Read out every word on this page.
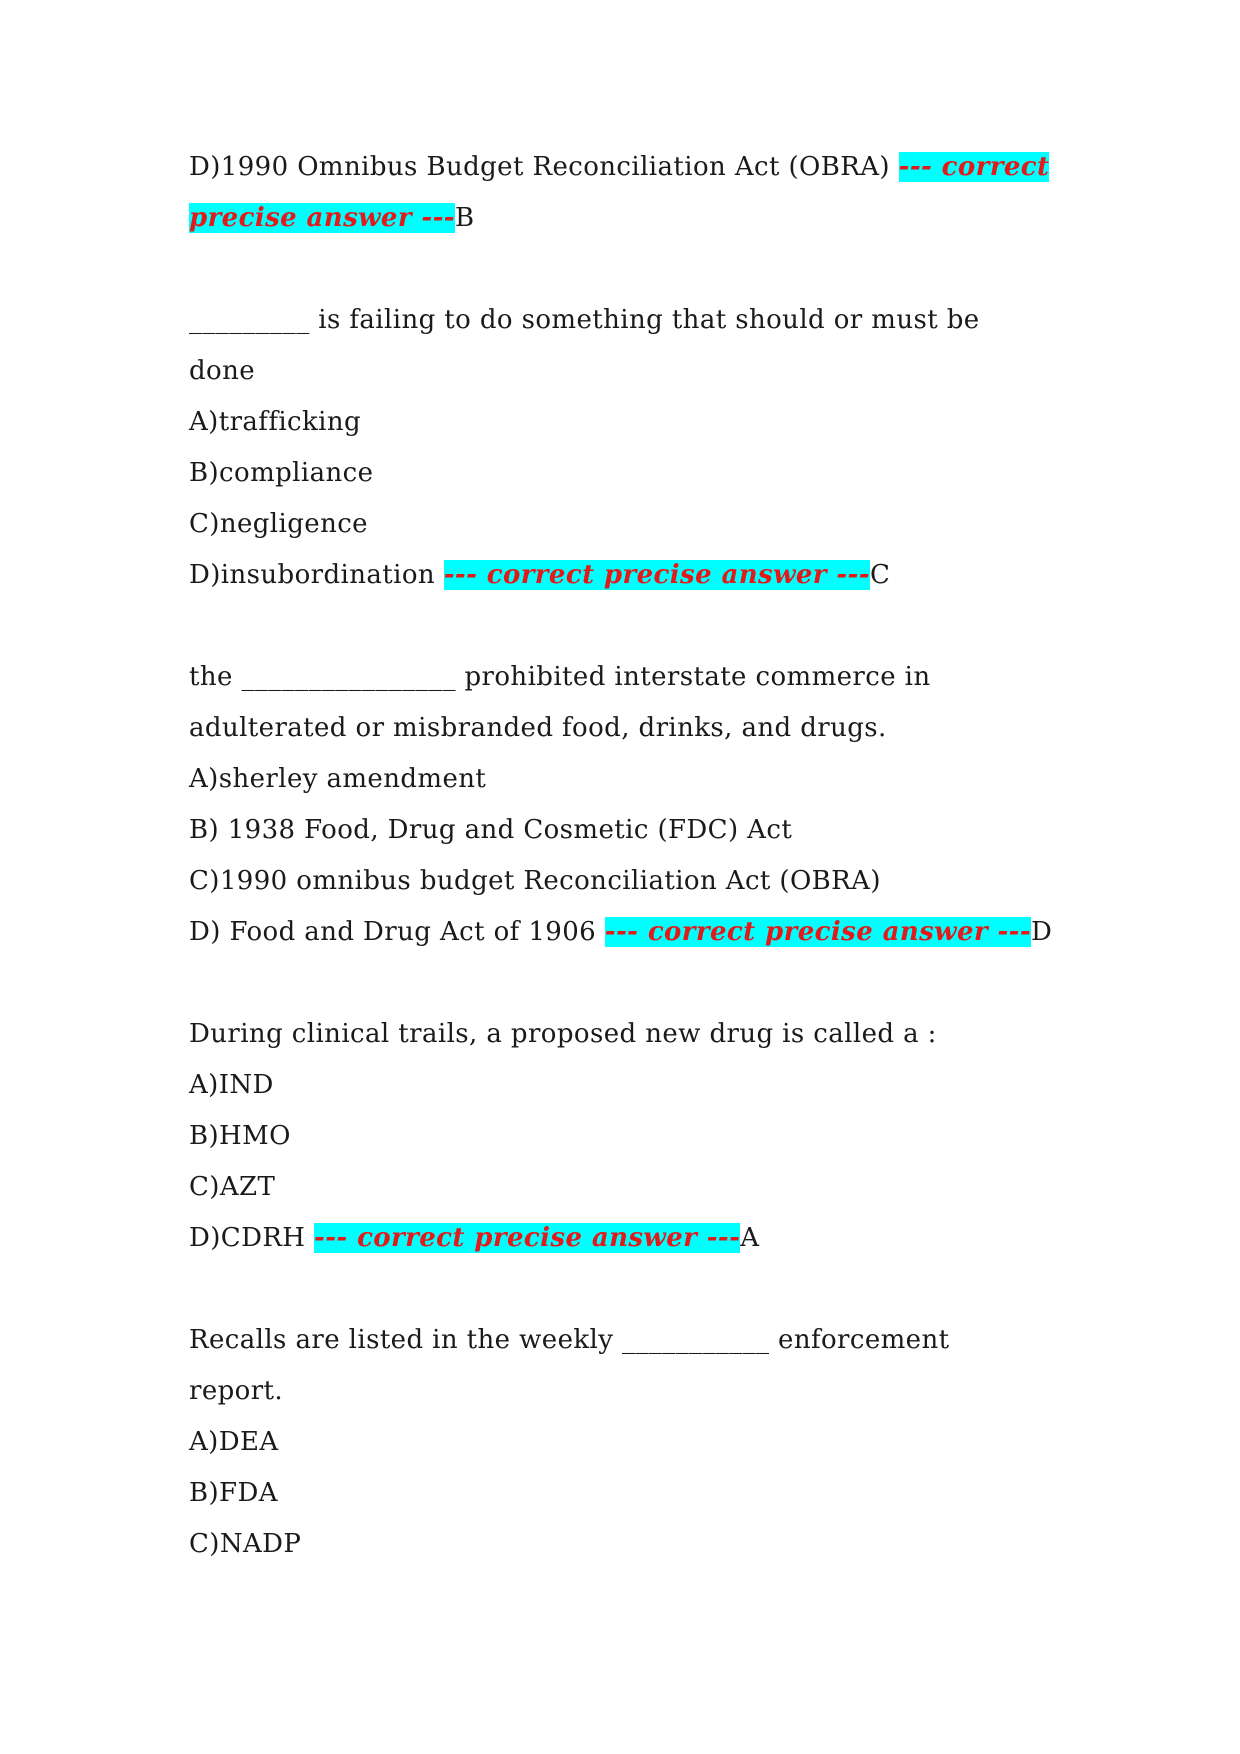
D)1990 Omnibus Budget Reconciliation Act (OBRA) --- correct
precise answer ---B
_________ is failing to do something that should or must be
done
A)trafficking
B)compliance
C)negligence
D)insubordination --- correct precise answer ---C
the ________________ prohibited interstate commerce in
adulterated or misbranded food, drinks, and drugs.
A)sherley amendment
B) 1938 Food, Drug and Cosmetic (FDC) Act
C)1990 omnibus budget Reconciliation Act (OBRA)
D) Food and Drug Act of 1906 --- correct precise answer ---D
During clinical trails, a proposed new drug is called a :
A)IND
B)HMO
C)AZT
D)CDRH --- correct precise answer ---A
Recalls are listed in the weekly ___________ enforcement
report.
A)DEA
B)FDA
C)NADP
